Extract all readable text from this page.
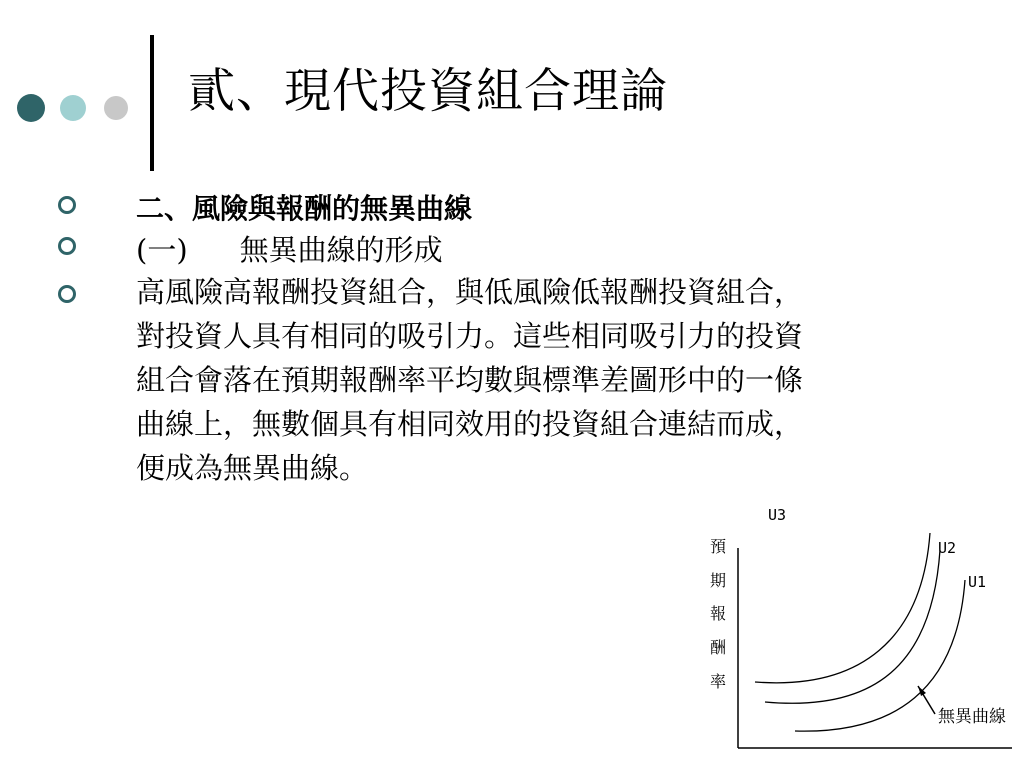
貳、現代投資組合理論
二、風險與報酬的無異曲線
(一) 無異曲線的形成
高風險高報酬投資組合，與低風險低報酬投資組合，
對投資人具有相同的吸引力。這些相同吸引力的投資
組合會落在預期報酬率平均數與標準差圖形中的一條
曲線上，無數個具有相同效用的投資組合連結而成，
便成為無異曲線。
預
期
報
酬
率
U3
U2
U1
無異曲線
